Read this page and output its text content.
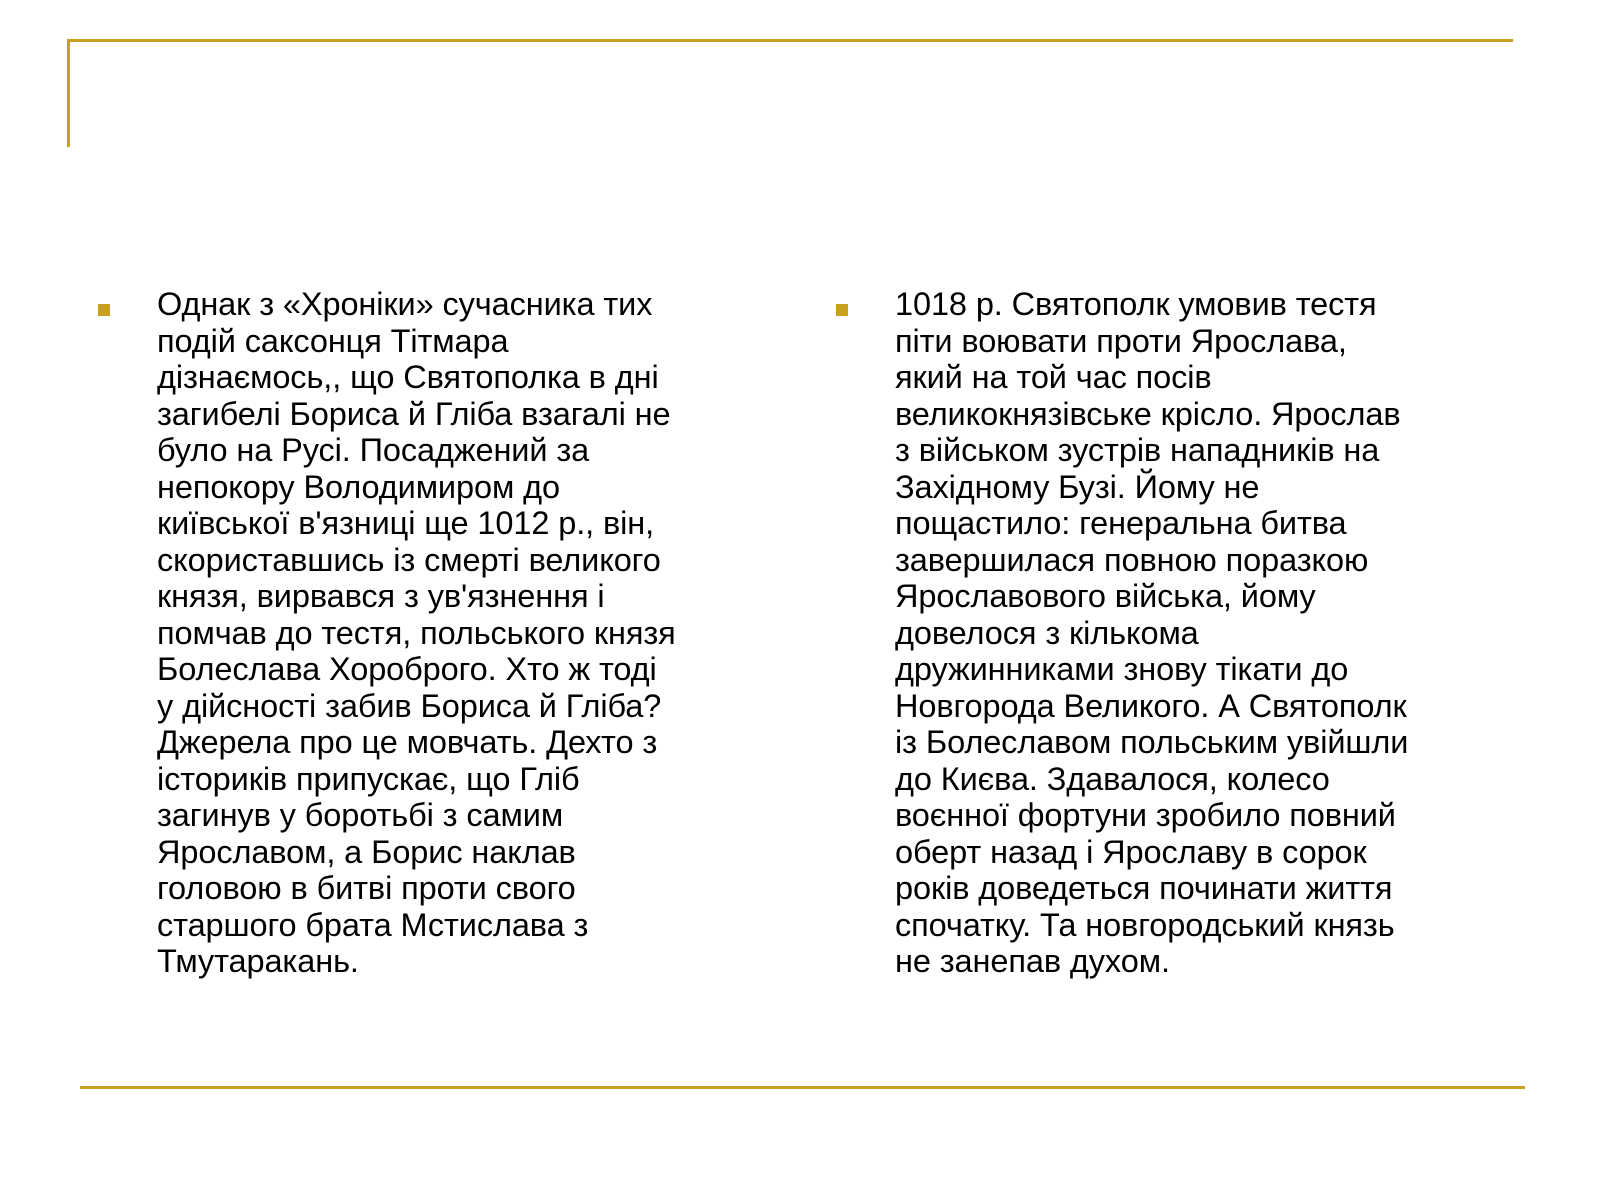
Однак з «Хроніки» сучасника тих
подій саксонця Тітмара
дізнаємось,, що Святополка в дні
загибелі Бориса й Гліба взагалі не
було на Русі. Посаджений за
непокору Володимиром до
київської в'язниці ще 1012 р., він,
скориставшись із смерті великого
князя, вирвався з ув'язнення і
помчав до тестя, польського князя
Болеслава Хороброго. Хто ж тоді
у дійсності забив Бориса й Гліба?
Джерела про це мовчать. Дехто з
істориків припускає, що Гліб
загинув у боротьбі з самим
Ярославом, а Борис наклав
головою в битві проти свого
старшого брата Мстислава з
Тмутаракань.
1018 р. Святополк умовив тестя
піти воювати проти Ярослава,
який на той час посів
великокнязівське крісло. Ярослав
з військом зустрів нападників на
Західному Бузі. Йому не
пощастило: генеральна битва
завершилася повною поразкою
Ярославового війська, йому
довелося з кількома
дружинниками знову тікати до
Новгорода Великого. А Святополк
із Болеславом польським увійшли
до Києва. Здавалося, колесо
воєнної фортуни зробило повний
оберт назад і Ярославу в сорок
років доведеться починати життя
спочатку. Та новгородський князь
не занепав духом.
